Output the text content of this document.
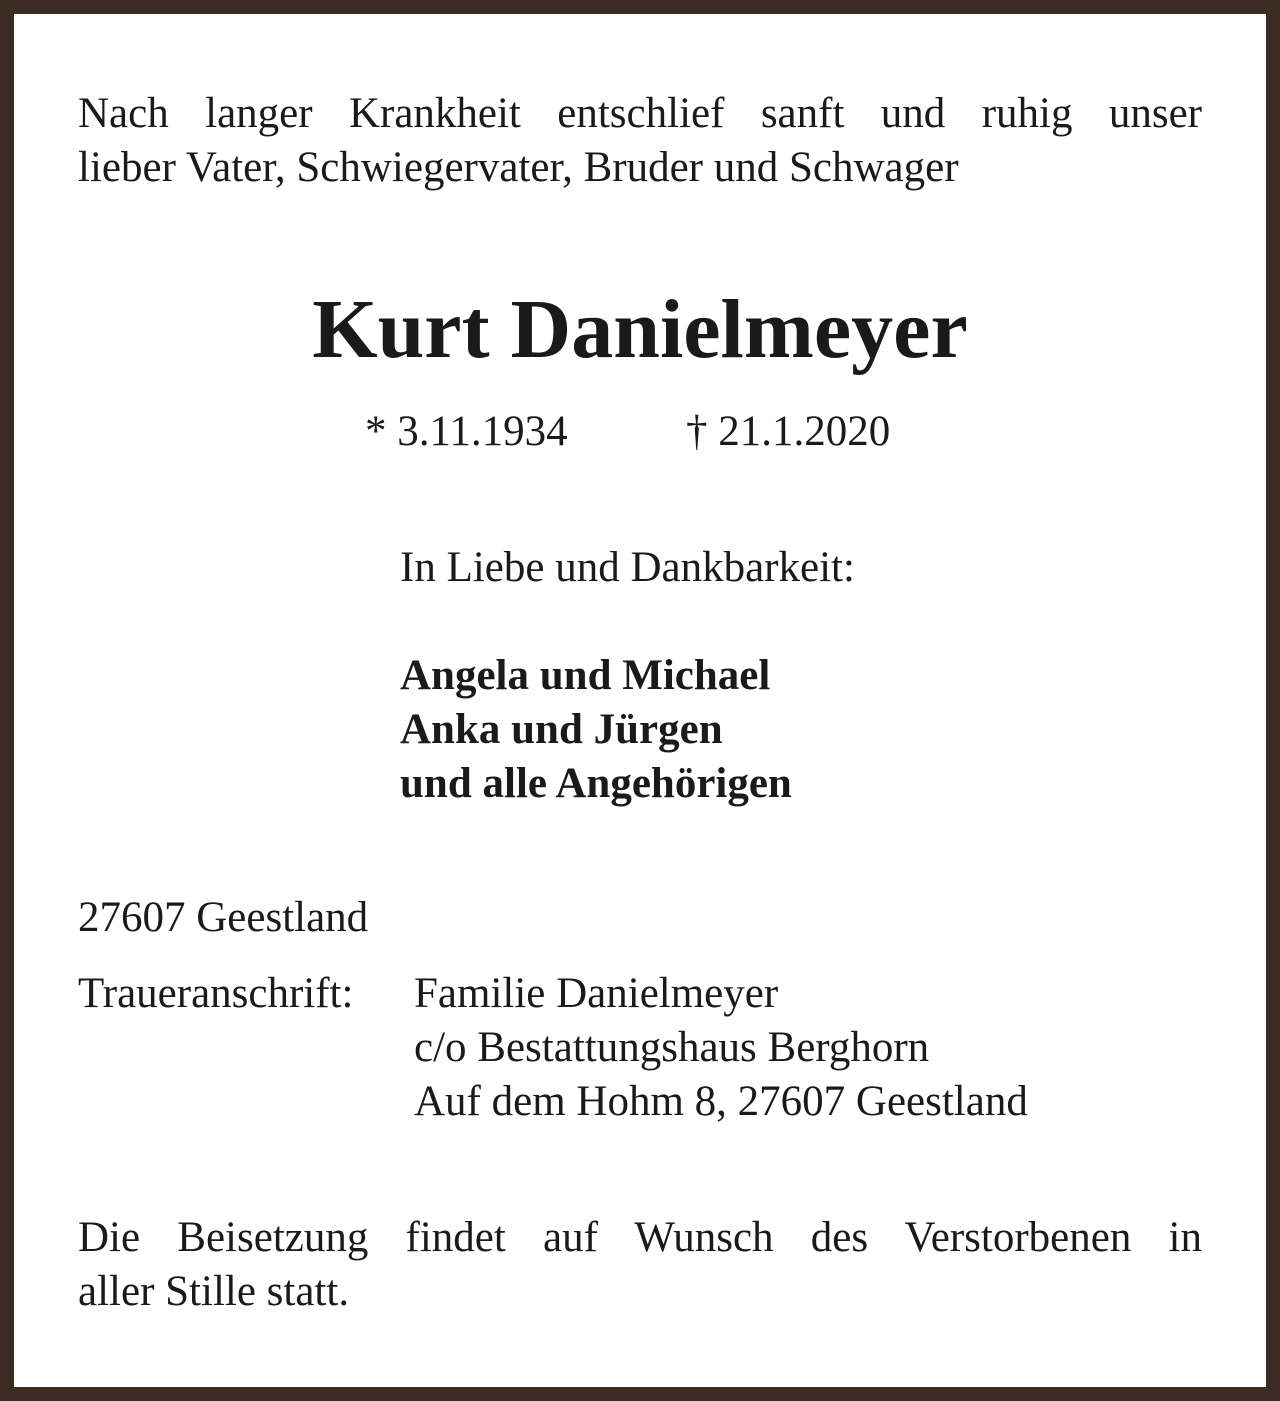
Nach langer Krankheit entschlief sanft und ruhig unser
lieber Vater, Schwiegervater, Bruder und Schwager
Kurt Danielmeyer
* 3.11.1934	† 21.1.2020
In Liebe und Dankbarkeit:
Angela und Michael
Anka und Jürgen
und alle Angehörigen
27607 Geestland
Traueranschrift: Familie Danielmeyer
c/o Bestattungshaus Berghorn
Auf dem Hohm 8, 27607 Geestland
Die Beisetzung findet auf Wunsch des Verstorbenen in
aller Stille statt.
